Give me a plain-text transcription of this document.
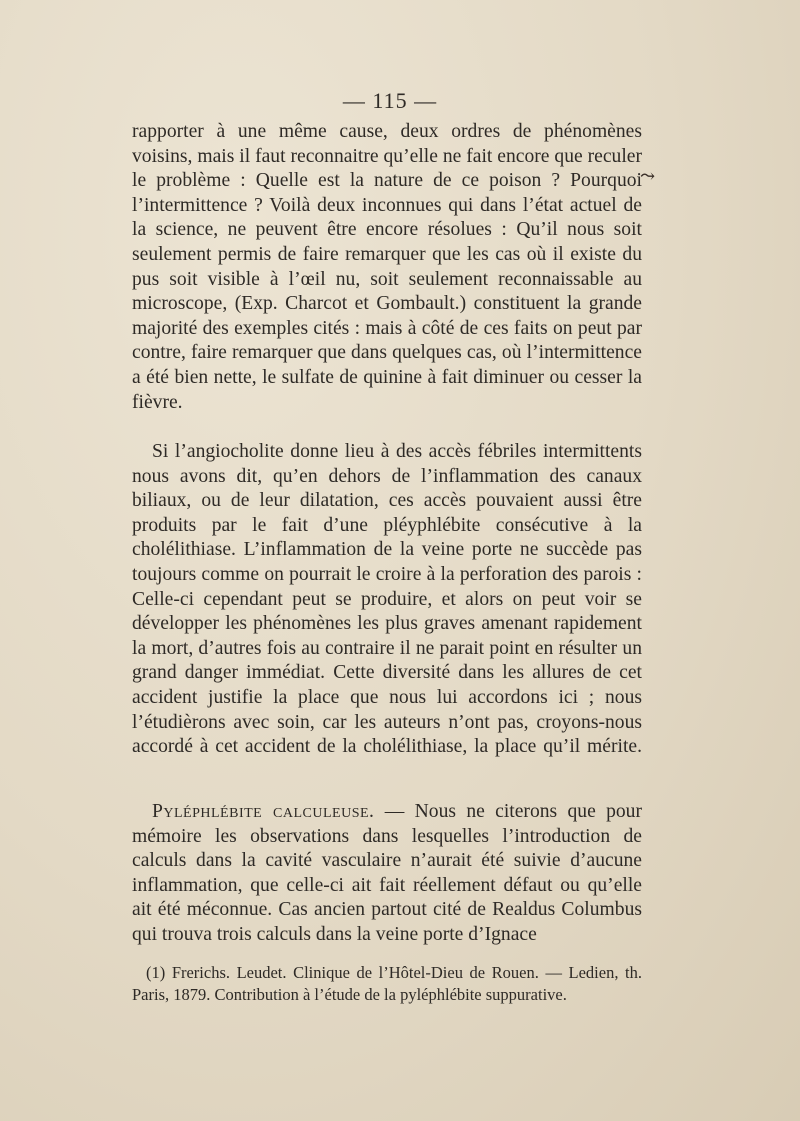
— 115 —
⤳

rapporter à une même cause, deux ordres de phénomènes voisins, mais il faut reconnaitre qu’elle ne fait encore que reculer le problème : Quelle est la nature de ce poison ? Pourquoi l’intermittence ? Voilà deux inconnues qui dans l’état actuel de la science, ne peuvent être encore résolues : Qu’il nous soit seulement permis de faire remarquer que les cas où il existe du pus soit visible à l’œil nu, soit seulement reconnaissable au microscope, (Exp. Charcot et Gombault.) constituent la grande majorité des exemples cités : mais à côté de ces faits on peut par contre, faire remarquer que dans quelques cas, où l’intermittence a été bien nette, le sulfate de quinine à fait diminuer ou cesser la fièvre.

Si l’angiocholite donne lieu à des accès fébriles intermittents nous avons dit, qu’en dehors de l’inflammation des canaux biliaux, ou de leur dilatation, ces accès pouvaient aussi être produits par le fait d’une pléyphlébite consécutive à la cholélithiase. L’inflammation de la veine porte ne succède pas toujours comme on pourrait le croire à la perforation des parois : Celle-ci cependant peut se produire, et alors on peut voir se développer les phénomènes les plus graves amenant rapidement la mort, d’autres fois au contraire il ne parait point en résulter un grand danger immédiat. Cette diversité dans les allures de cet accident justifie la place que nous lui accordons ici ; nous l’étudièrons avec soin, car les auteurs n’ont pas, croyons-nous accordé à cet accident de la cholélithiase, la place qu’il mérite.

Pyléphlébite calculeuse. — Nous ne citerons que pour mémoire les observations dans lesquelles l’introduction de calculs dans la cavité vasculaire n’aurait été suivie d’aucune inflammation, que celle-ci ait fait réellement défaut ou qu’elle ait été méconnue. Cas ancien partout cité de Realdus Columbus qui trouva trois calculs dans la veine porte d’Ignace

(1) Frerichs. Leudet. Clinique de l’Hôtel-Dieu de Rouen. — Ledien, th. Paris, 1879. Contribution à l’étude de la pyléphlébite suppurative.
